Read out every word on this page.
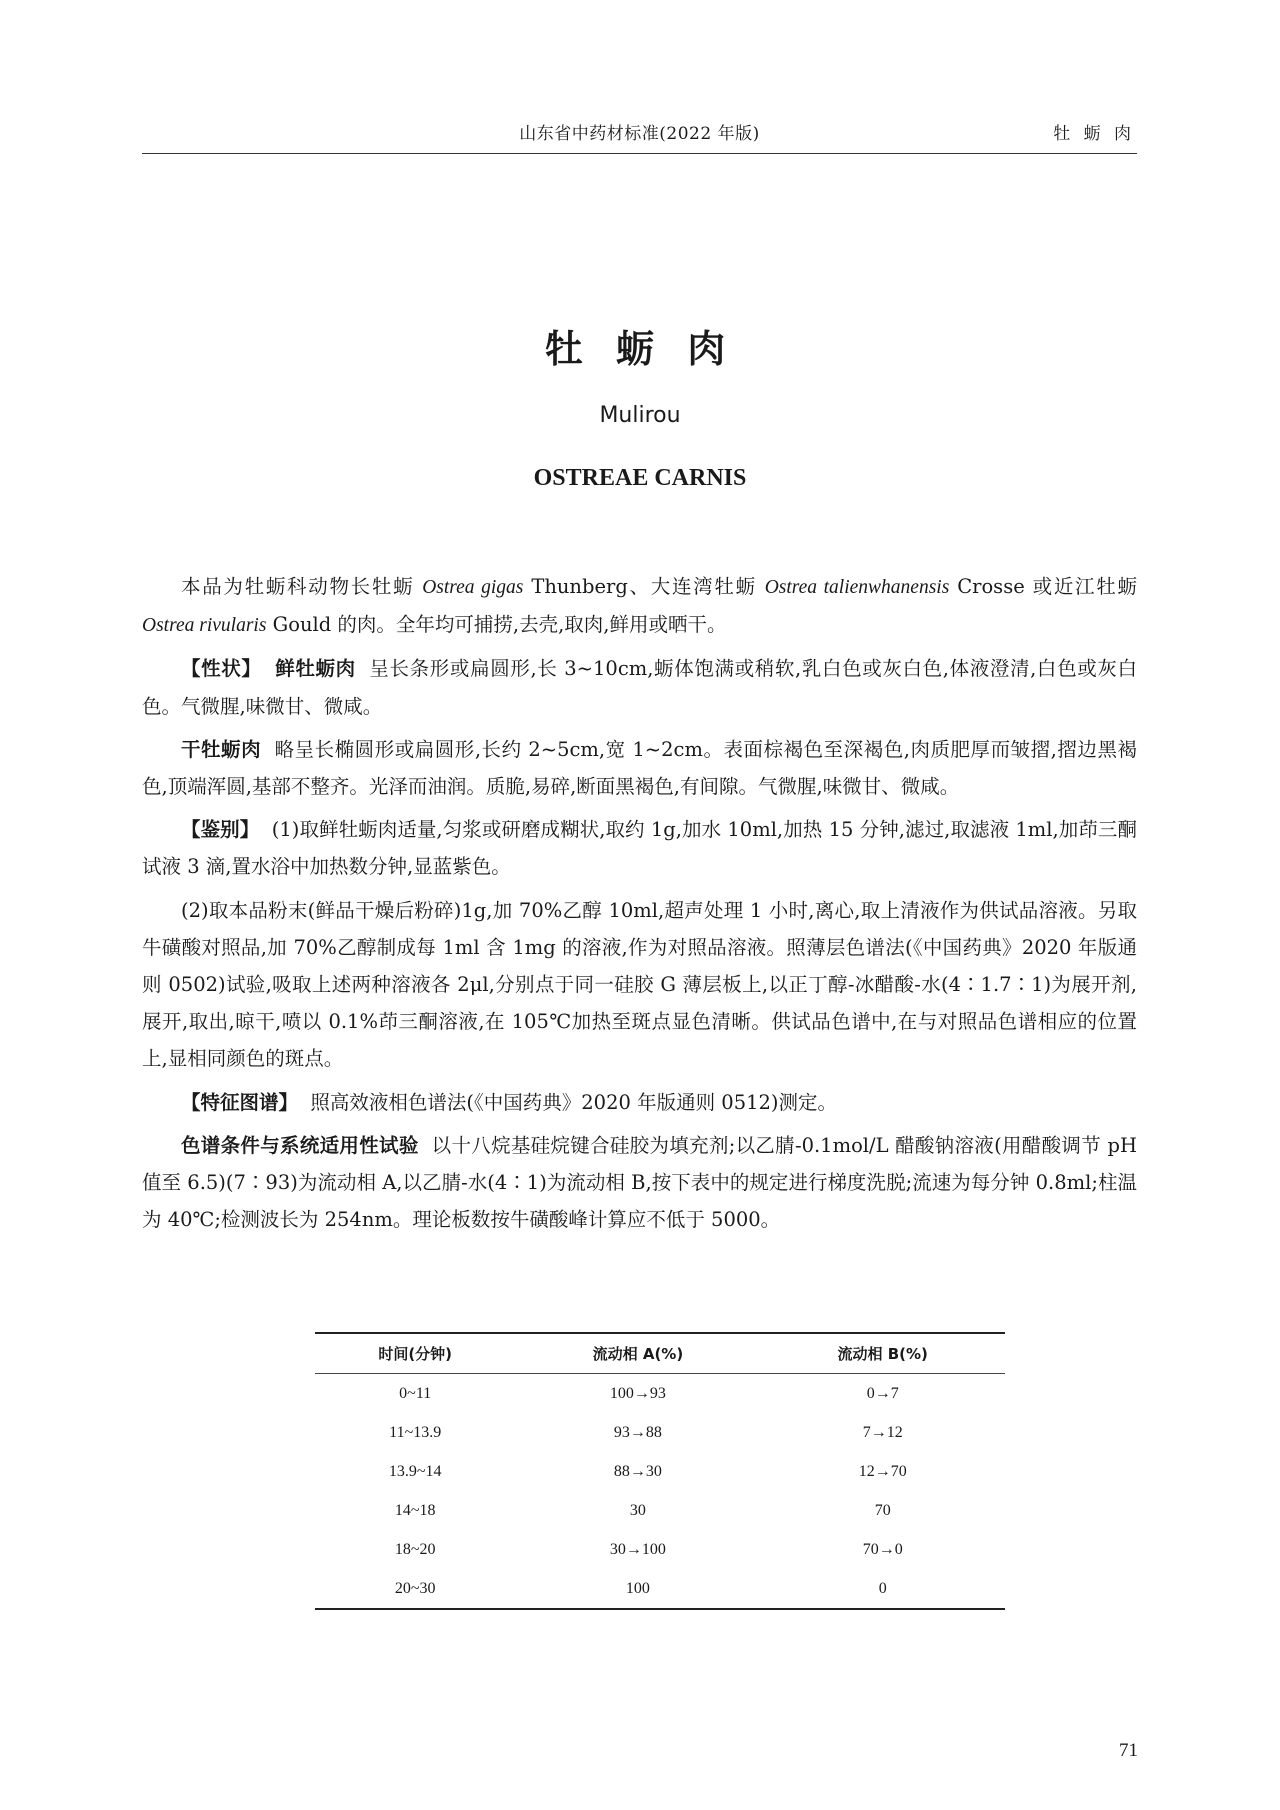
山东省中药材标准(2022 年版)	牡 蛎 肉
牡 蛎 肉
Mulirou
OSTREAE CARNIS

本品为牡蛎科动物长牡蛎 Ostrea gigas Thunberg、大连湾牡蛎 Ostrea talienwhanensis Crosse 或近江牡蛎 Ostrea rivularis Gould 的肉。全年均可捕捞,去壳,取肉,鲜用或晒干。

【性状】 鲜牡蛎肉 呈长条形或扁圆形,长 3~10cm,蛎体饱满或稍软,乳白色或灰白色,体液澄清,白色或灰白色。气微腥,味微甘、微咸。

干牡蛎肉 略呈长椭圆形或扁圆形,长约 2~5cm,宽 1~2cm。表面棕褐色至深褐色,肉质肥厚而皱摺,摺边黑褐色,顶端浑圆,基部不整齐。光泽而油润。质脆,易碎,断面黑褐色,有间隙。气微腥,味微甘、微咸。

【鉴别】 (1)取鲜牡蛎肉适量,匀浆或研磨成糊状,取约 1g,加水 10ml,加热 15 分钟,滤过,取滤液 1ml,加茚三酮试液 3 滴,置水浴中加热数分钟,显蓝紫色。

(2)取本品粉末(鲜品干燥后粉碎)1g,加 70%乙醇 10ml,超声处理 1 小时,离心,取上清液作为供试品溶液。另取牛磺酸对照品,加 70%乙醇制成每 1ml 含 1mg 的溶液,作为对照品溶液。照薄层色谱法(《中国药典》2020 年版通则 0502)试验,吸取上述两种溶液各 2μl,分别点于同一硅胶 G 薄层板上,以正丁醇-冰醋酸-水(4∶1.7∶1)为展开剂,展开,取出,晾干,喷以 0.1%茚三酮溶液,在 105℃加热至斑点显色清晰。供试品色谱中,在与对照品色谱相应的位置上,显相同颜色的斑点。

【特征图谱】 照高效液相色谱法(《中国药典》2020 年版通则 0512)测定。

色谱条件与系统适用性试验 以十八烷基硅烷键合硅胶为填充剂;以乙腈-0.1mol/L 醋酸钠溶液(用醋酸调节 pH 值至 6.5)(7∶93)为流动相 A,以乙腈-水(4∶1)为流动相 B,按下表中的规定进行梯度洗脱;流速为每分钟 0.8ml;柱温为 40℃;检测波长为 254nm。理论板数按牛磺酸峰计算应不低于 5000。

时间(分钟)	流动相 A(%)	流动相 B(%)
0~11	100→93	0→7
11~13.9	93→88	7→12
13.9~14	88→30	12→70
14~18	30	70
18~20	30→100	70→0
20~30	100	0
71
